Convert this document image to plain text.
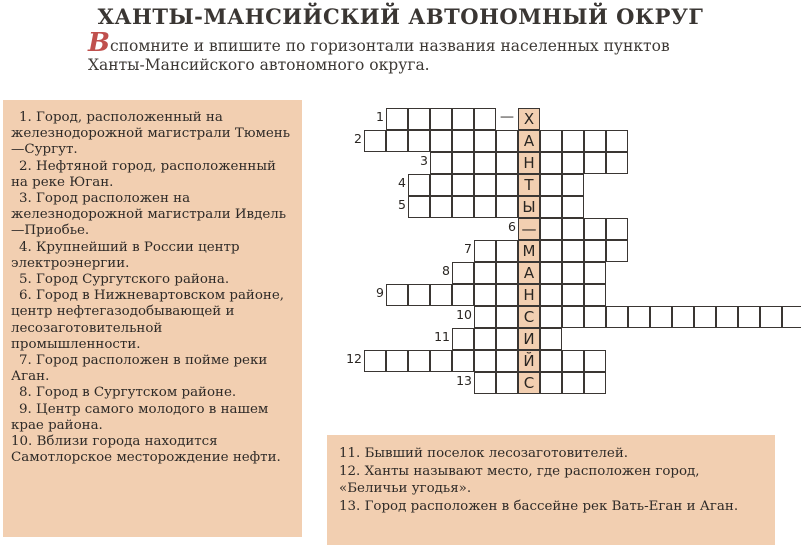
ХАНТЫ-МАНСИЙСКИЙ АВТОНОМНЫЙ ОКРУГ
Вспомните и впишите по горизонтали названия населенных пунктов
Ханты-Мансийского автономного округа.

1. Город, расположенный на железнодорожной магистрали Тюмень—Сургут.

2. Нефтяной город, расположенный на реке Юган.

3. Город расположен на железнодорожной магистрали Ивдель—Приобье.

4. Крупнейший в России центр электроэнергии.

5. Город Сургутского района.

6. Город в Нижневартовском районе, центр нефтегазодобывающей и лесозаготовительной промышленности.

7. Город расположен в пойме реки Аган.

8. Город в Сургутском районе.

9. Центр самого молодого в нашем крае района.

10. Вблизи города находится Самотлорское месторождение нефти.	11. Бывший поселок лесозаготовителей.

12. Ханты называют место, где расположен город, «Беличьи угодья».

13. Город расположен в бассейне рек Вать-Еган и Аган.

— Х
1
А
2
Н
3
Т
4
Ы
5
—
6
М
7
А
8
Н
9
С
10
И
11
Й
12
С
13
